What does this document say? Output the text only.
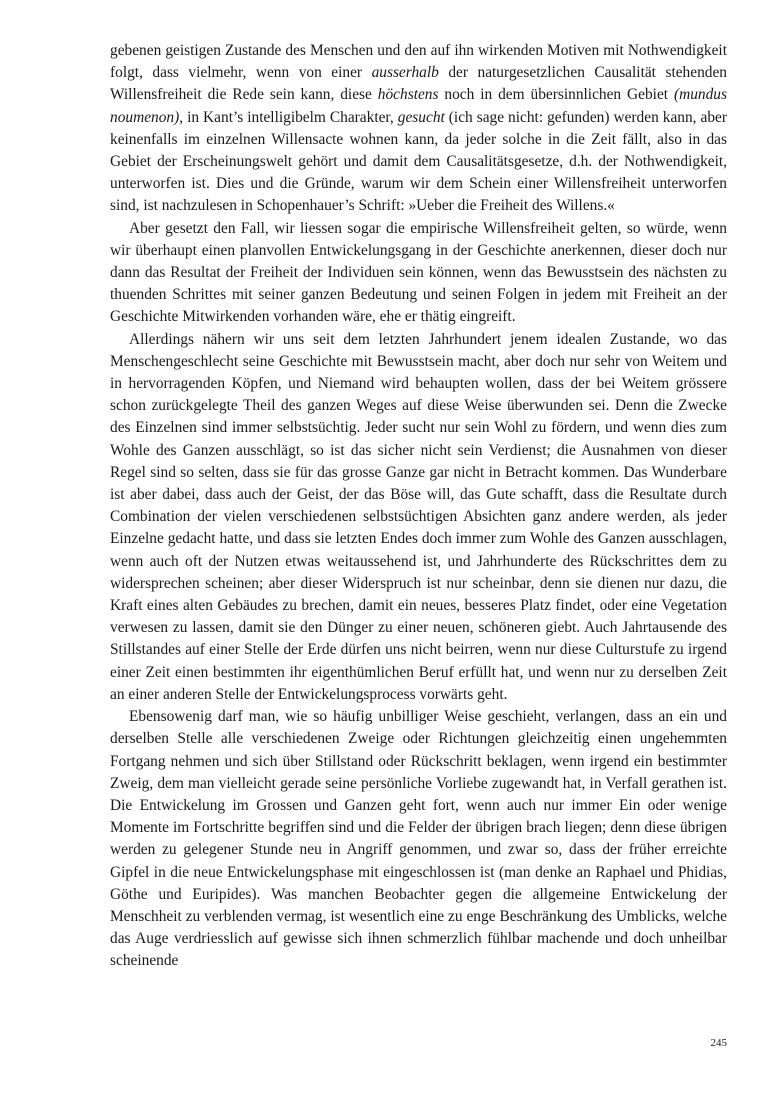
gebenen geistigen Zustande des Menschen und den auf ihn wirkenden Motiven mit Nothwendigkeit folgt, dass vielmehr, wenn von einer ausserhalb der naturgesetzlichen Causalität stehenden Willensfreiheit die Rede sein kann, diese höchstens noch in dem übersinnlichen Gebiet (mundus noumenon), in Kant’s intelligibelm Charakter, gesucht (ich sage nicht: gefunden) werden kann, aber keinenfalls im einzelnen Willensacte wohnen kann, da jeder solche in die Zeit fällt, also in das Gebiet der Erscheinungswelt gehört und damit dem Causalitätsgesetze, d.h. der Nothwendigkeit, unterworfen ist. Dies und die Gründe, warum wir dem Schein einer Willensfreiheit unterworfen sind, ist nachzulesen in Schopenhauer’s Schrift: »Ueber die Freiheit des Willens.«

Aber gesetzt den Fall, wir liessen sogar die empirische Willensfreiheit gelten, so würde, wenn wir überhaupt einen planvollen Entwickelungsgang in der Geschichte anerkennen, dieser doch nur dann das Resultat der Freiheit der Individuen sein können, wenn das Bewusstsein des nächsten zu thuenden Schrittes mit seiner ganzen Bedeutung und seinen Folgen in jedem mit Freiheit an der Geschichte Mitwirkenden vorhanden wäre, ehe er thätig eingreift.

Allerdings nähern wir uns seit dem letzten Jahrhundert jenem idealen Zustande, wo das Menschengeschlecht seine Geschichte mit Bewusstsein macht, aber doch nur sehr von Weitem und in hervorragenden Köpfen, und Niemand wird behaupten wollen, dass der bei Weitem grössere schon zurückgelegte Theil des ganzen Weges auf diese Weise überwunden sei. Denn die Zwecke des Einzelnen sind immer selbstsüchtig. Jeder sucht nur sein Wohl zu fördern, und wenn dies zum Wohle des Ganzen ausschlägt, so ist das sicher nicht sein Verdienst; die Ausnahmen von dieser Regel sind so selten, dass sie für das grosse Ganze gar nicht in Betracht kommen. Das Wunderbare ist aber dabei, dass auch der Geist, der das Böse will, das Gute schafft, dass die Resultate durch Combination der vielen verschiedenen selbstsüchtigen Absichten ganz andere werden, als jeder Einzelne gedacht hatte, und dass sie letzten Endes doch immer zum Wohle des Ganzen ausschlagen, wenn auch oft der Nutzen etwas weitaussehend ist, und Jahrhunderte des Rückschrittes dem zu widersprechen scheinen; aber dieser Widerspruch ist nur scheinbar, denn sie dienen nur dazu, die Kraft eines alten Gebäudes zu brechen, damit ein neues, besseres Platz findet, oder eine Vegetation verwesen zu lassen, damit sie den Dünger zu einer neuen, schöneren giebt. Auch Jahrtausende des Stillstandes auf einer Stelle der Erde dürfen uns nicht beirren, wenn nur diese Culturstufe zu irgend einer Zeit einen bestimmten ihr eigenthümlichen Beruf erfüllt hat, und wenn nur zu derselben Zeit an einer anderen Stelle der Entwickelungsprocess vorwärts geht.

Ebensowenig darf man, wie so häufig unbilliger Weise geschieht, verlangen, dass an ein und derselben Stelle alle verschiedenen Zweige oder Richtungen gleichzeitig einen ungehemmten Fortgang nehmen und sich über Stillstand oder Rückschritt beklagen, wenn irgend ein bestimmter Zweig, dem man vielleicht gerade seine persönliche Vorliebe zugewandt hat, in Verfall gerathen ist. Die Entwickelung im Grossen und Ganzen geht fort, wenn auch nur immer Ein oder wenige Momente im Fortschritte begriffen sind und die Felder der übrigen brach liegen; denn diese übrigen werden zu gelegener Stunde neu in Angriff genommen, und zwar so, dass der früher erreichte Gipfel in die neue Entwickelungsphase mit eingeschlossen ist (man denke an Raphael und Phidias, Göthe und Euripides). Was manchen Beobachter gegen die allgemeine Entwickelung der Menschheit zu verblenden vermag, ist wesentlich eine zu enge Beschränkung des Umblicks, welche das Auge verdriesslich auf gewisse sich ihnen schmerzlich fühlbar machende und doch unheilbar scheinende

245
